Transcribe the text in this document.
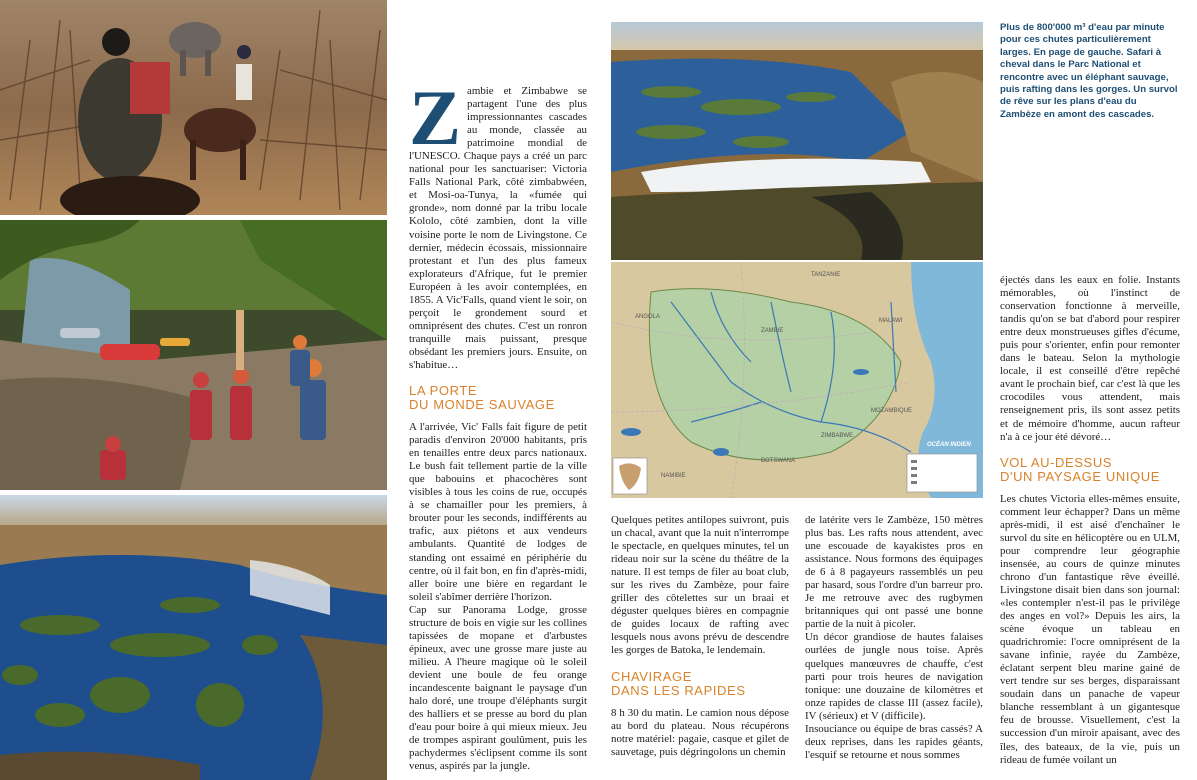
Z ambie et Zimbabwe se partagent l'une des plus impressionnantes cascades au monde, classée au patrimoine mondial de l'UNESCO. Chaque pays a créé un parc national pour les sanctuariser: Victoria Falls National Park, côté zimbabwéen, et Mosi-oa-Tunya, la «fumée qui gronde», nom donné par la tribu locale Kololo, côté zambien, dont la ville voisine porte le nom de Livingstone. Ce dernier, médecin écossais, missionnaire protestant et l'un des plus fameux explorateurs d'Afrique, fut le premier Européen à les avoir contemplées, en 1855. A Vic'Falls, quand vient le soir, on perçoit le grondement sourd et omniprésent des chutes. C'est un ronron tranquille mais puissant, presque obsédant les premiers jours. Ensuite, on s'habitue…
LA PORTE
DU MONDE SAUVAGE

A l'arrivée, Vic' Falls fait figure de petit paradis d'environ 20'000 habitants, pris en tenailles entre deux parcs nationaux. Le bush fait tellement partie de la ville que babouins et phacochères sont visibles à tous les coins de rue, occupés à se chamailler pour les premiers, à brouter pour les seconds, indifférents au trafic, aux piétons et aux vendeurs ambulants. Quantité de lodges de standing ont essaimé en périphérie du centre, où il fait bon, en fin d'après-midi, aller boire une bière en regardant le soleil s'abîmer derrière l'horizon.

Cap sur Panorama Lodge, grosse structure de bois en vigie sur les collines tapissées de mopane et d'arbustes épineux, avec une grosse mare juste au milieu. A l'heure magique où le soleil devient une boule de feu orange incandescente baignant le paysage d'un halo doré, une troupe d'éléphants surgit des halliers et se presse au bord du plan d'eau pour boire à qui mieux mieux. Jeu de trompes aspirant goulûment, puis les pachydermes s'éclipsent comme ils sont venus, aspirés par la jungle.

Plus de 800'000 m³ d'eau par minute pour ces chutes particulièrement larges. En page de gauche. Safari à cheval dans le Parc National et rencontre avec un éléphant sauvage, puis rafting dans les gorges. Un survol de rêve sur les plans d'eau du Zambèze en amont des cascades.
ANGOLA
ZAMBIE
ZIMBABWE
BOTSWANA
NAMIBIE
MOZAMBIQUE
MALAWI
TANZANIE
OCÉAN INDIEN

Quelques petites antilopes suivront, puis un chacal, avant que la nuit n'interrompe le spectacle, en quelques minutes, tel un rideau noir sur la scène du théâtre de la nature. Il est temps de filer au boat club, sur les rives du Zambèze, pour faire griller des côtelettes sur un braai et déguster quelques bières en compagnie de guides locaux de rafting avec lesquels nous avons prévu de descendre les gorges de Batoka, le lendemain.

CHAVIRAGE
DANS LES RAPIDES

8 h 30 du matin. Le camion nous dépose au bord du plateau. Nous récupérons notre matériel: pagaie, casque et gilet de sauvetage, puis dégringolons un chemin

de latérite vers le Zambèze, 150 mètres plus bas. Les rafts nous attendent, avec une escouade de kayakistes pros en assistance. Nous formons des équipages de 6 à 8 pagayeurs rassemblés un peu par hasard, sous l'ordre d'un barreur pro. Je me retrouve avec des rugbymen britanniques qui ont passé une bonne partie de la nuit à picoler.

Un décor grandiose de hautes falaises ourlées de jungle nous toise. Après quelques manœuvres de chauffe, c'est parti pour trois heures de navigation tonique: une douzaine de kilomètres et onze rapides de classe III (assez facile), IV (sérieux) et V (difficile).

Insouciance ou équipe de bras cassés? A deux reprises, dans les rapides géants, l'esquif se retourne et nous sommes

éjectés dans les eaux en folie. Instants mémorables, où l'instinct de conservation fonctionne à merveille, tandis qu'on se bat d'abord pour respirer entre deux monstrueuses gifles d'écume, puis pour s'orienter, enfin pour remonter dans le bateau. Selon la mythologie locale, il est conseillé d'être repêché avant le prochain bief, car c'est là que les crocodiles vous attendent, mais renseignement pris, ils sont assez petits et de mémoire d'homme, aucun rafteur n'a à ce jour été dévoré…

VOL AU-DESSUS
D'UN PAYSAGE UNIQUE

Les chutes Victoria elles-mêmes ensuite, comment leur échapper? Dans un même après-midi, il est aisé d'enchaîner le survol du site en hélicoptère ou en ULM, pour comprendre leur géographie insensée, au cours de quinze minutes chrono d'un fantastique rêve éveillé. Livingstone disait bien dans son journal: «les contempler n'est-il pas le privilège des anges en vol?» Depuis les airs, la scène évoque un tableau en quadrichromie: l'ocre omniprésent de la savane infinie, rayée du Zambèze, éclatant serpent bleu marine gainé de vert tendre sur ses berges, disparaissant soudain dans un panache de vapeur blanche ressemblant à un gigantesque feu de brousse. Visuellement, c'est la succession d'un miroir apaisant, avec des îles, des bateaux, de la vie, puis un rideau de fumée voilant un
